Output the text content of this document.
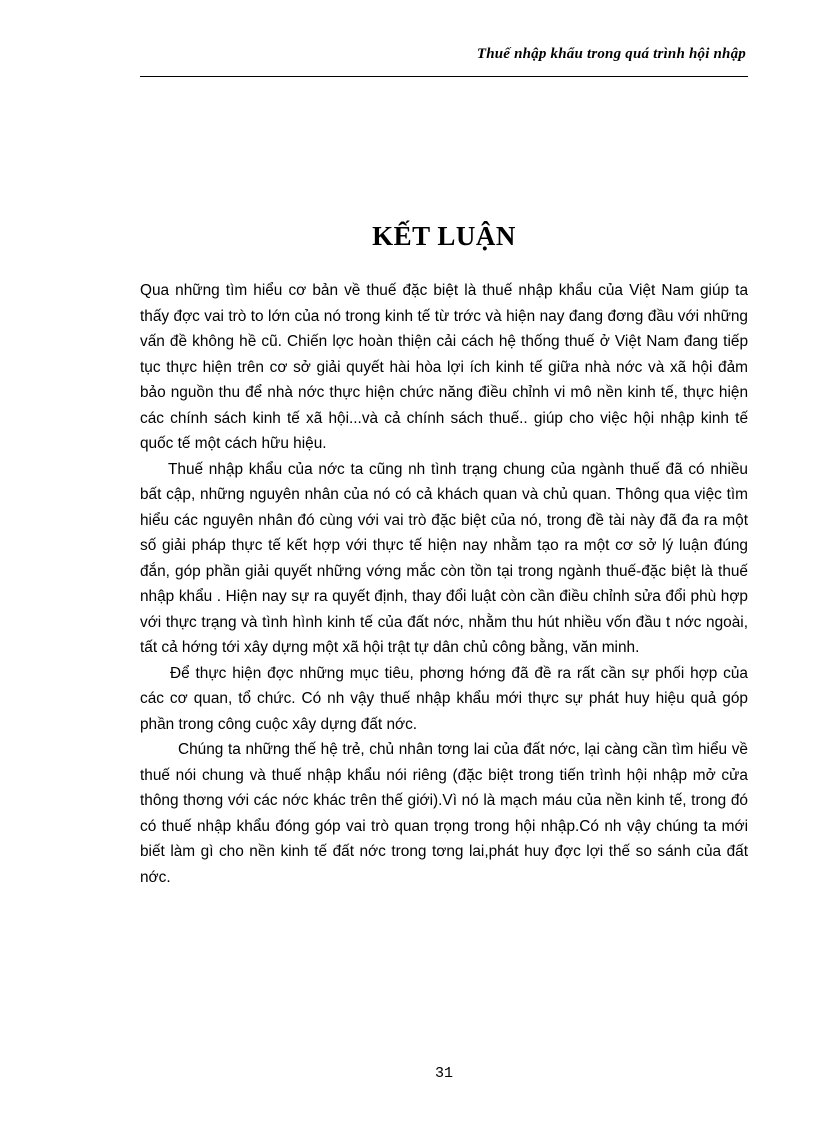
Thuế nhập khẩu trong quá trình hội nhập
KẾT LUẬN

Qua những tìm hiểu cơ bản về thuế đặc biệt là thuế nhập khẩu của Việt Nam giúp ta thấy đợc vai trò to lớn của nó trong kinh tế từ trớc và hiện nay đang đơng đầu với những vấn đề không hề cũ. Chiến lợc hoàn thiện cải cách hệ thống thuế ở Việt Nam đang tiếp tục thực hiện trên cơ sở giải quyết hài hòa lợi ích kinh tế giữa nhà nớc và xã hội đảm bảo nguồn thu để nhà nớc thực hiện chức năng điều chỉnh vi mô nền kinh tế, thực hiện các chính sách kinh tế xã hội...và cả chính sách thuế.. giúp cho việc hội nhập kinh tế quốc tế một cách hữu hiệu.

Thuế nhập khẩu của nớc ta cũng nh tình trạng chung của ngành thuế đã có nhiều bất cập, những nguyên nhân của nó có cả khách quan và chủ quan. Thông qua việc tìm hiểu các nguyên nhân đó cùng với vai trò đặc biệt của nó, trong đề tài này đã đa ra một số giải pháp thực tế kết hợp với thực tế hiện nay nhằm tạo ra một cơ sở lý luận đúng đắn, góp phần giải quyết những vớng mắc còn tồn tại trong ngành thuế-đặc biệt là thuế nhập khẩu . Hiện nay sự ra quyết định, thay đổi luật còn cần điều chỉnh sửa đổi phù hợp với thực trạng và tình hình kinh tế của đất nớc, nhằm thu hút nhiều vốn đầu t nớc ngoài, tất cả hớng tới xây dựng một xã hội trật tự dân chủ công bằng, văn minh.

Để thực hiện đợc những mục tiêu, phơng hớng đã đề ra rất cần sự phối hợp của các cơ quan, tổ chức. Có nh vậy thuế nhập khẩu mới thực sự phát huy hiệu quả góp phần trong công cuộc xây dựng đất nớc.

Chúng ta những thế hệ trẻ, chủ nhân tơng lai của đất nớc, lại càng cần tìm hiểu về thuế nói chung và thuế nhập khẩu nói riêng (đặc biệt trong tiến trình hội nhập mở cửa thông thơng với các nớc khác trên thế giới).Vì nó là mạch máu của nền kinh tế, trong đó có thuế nhập khẩu đóng góp vai trò quan trọng trong hội nhập.Có nh vậy chúng ta mới biết làm gì cho nền kinh tế đất nớc trong tơng lai,phát huy đợc lợi thế so sánh của đất nớc.

31
